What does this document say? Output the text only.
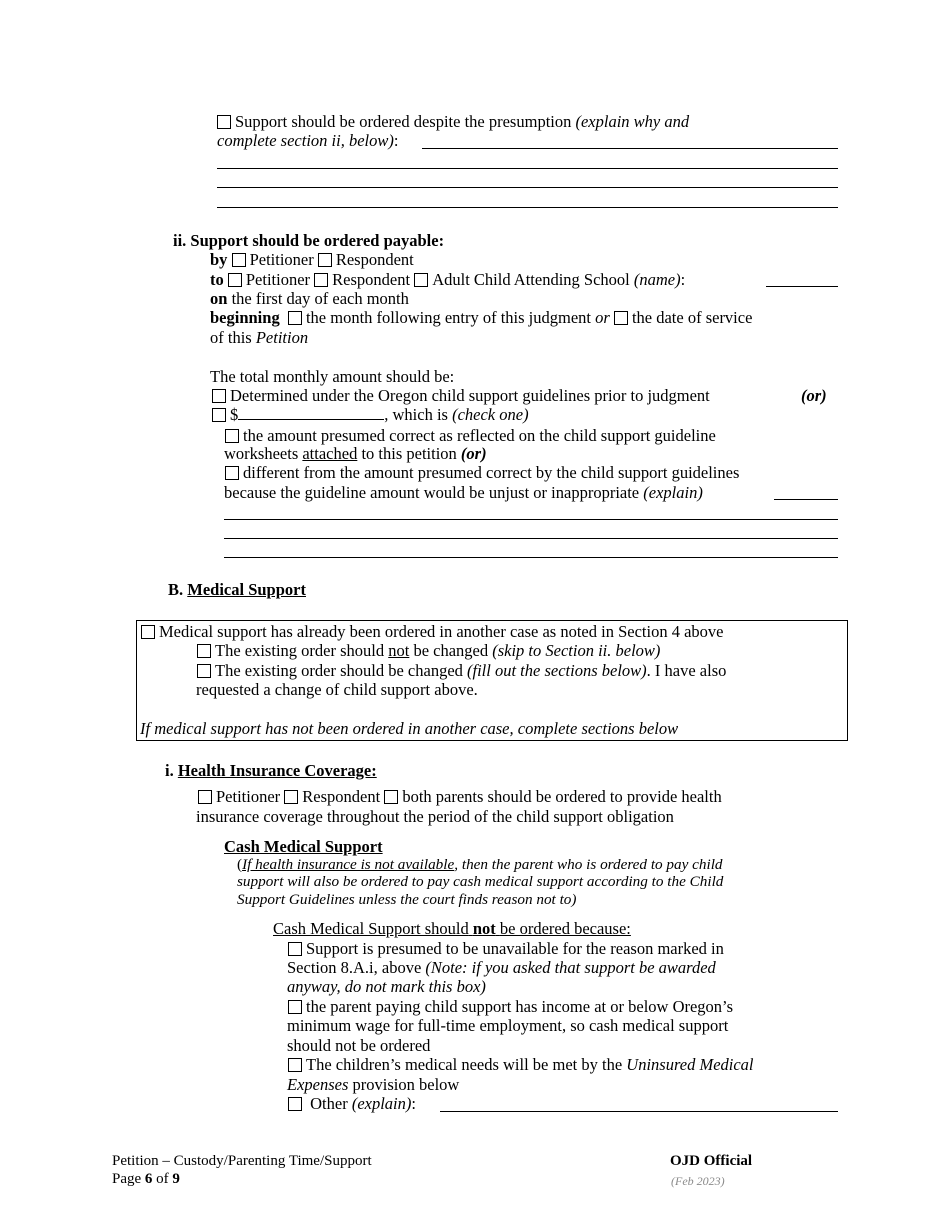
Support should be ordered despite the presumption (explain why and
complete section ii, below):
ii. Support should be ordered payable:
by Petitioner Respondent
to Petitioner Respondent Adult Child Attending School (name):
on the first day of each month
beginning the month following entry of this judgment or the date of service
of this Petition
The total monthly amount should be:
Determined under the Oregon child support guidelines prior to judgment	(or)
$	, which is (check one)
the amount presumed correct as reflected on the child support guideline
worksheets attached to this petition (or)
different from the amount presumed correct by the child support guidelines
because the guideline amount would be unjust or inappropriate (explain)
B. Medical Support
Medical support has already been ordered in another case as noted in Section 4 above
The existing order should not be changed (skip to Section ii. below)
The existing order should be changed (fill out the sections below). I have also
requested a change of child support above.
If medical support has not been ordered in another case, complete sections below
i. Health Insurance Coverage:
Petitioner Respondent both parents should be ordered to provide health
insurance coverage throughout the period of the child support obligation
Cash Medical Support
(If health insurance is not available, then the parent who is ordered to pay child
support will also be ordered to pay cash medical support according to the Child
Support Guidelines unless the court finds reason not to)
Cash Medical Support should not be ordered because:
Support is presumed to be unavailable for the reason marked in
Section 8.A.i, above (Note: if you asked that support be awarded
anyway, do not mark this box)
the parent paying child support has income at or below Oregon’s
minimum wage for full-time employment, so cash medical support
should not be ordered
The children’s medical needs will be met by the Uninsured Medical
Expenses provision below
Other (explain):
Petition – Custody/Parenting Time/Support
Page 6 of 9
OJD Official
(Feb 2023)
